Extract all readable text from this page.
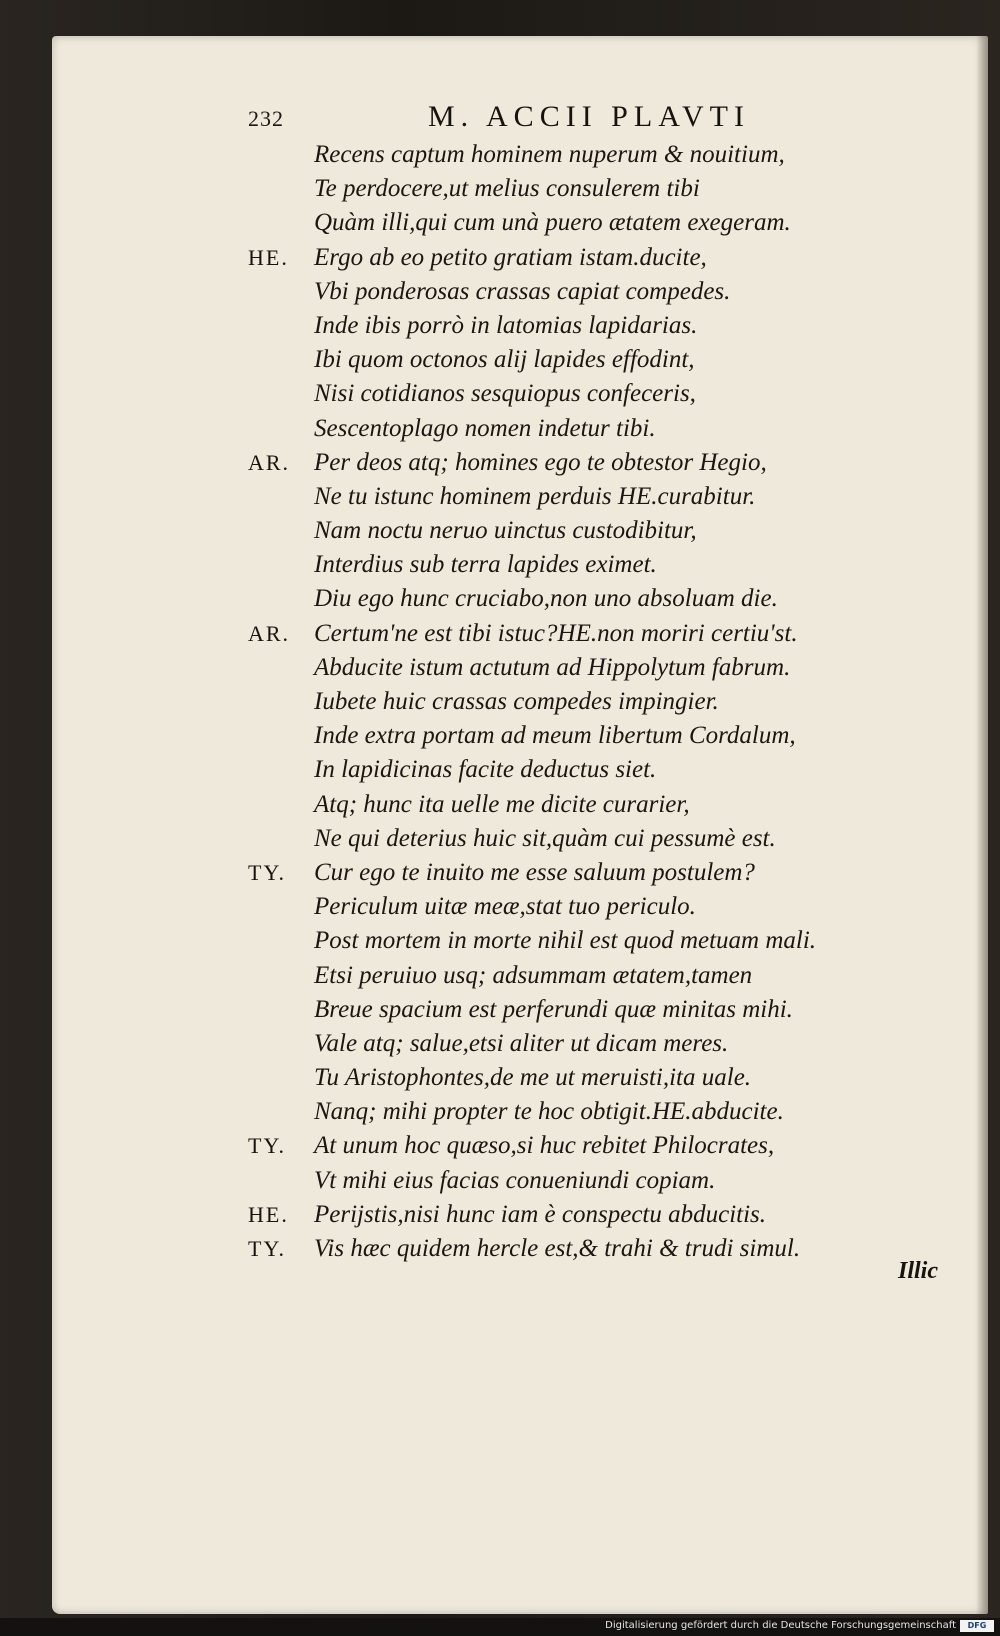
232	M. ACCII PLAVTI
Recens captum hominem nuperum & nouitium,
Te perdocere,ut melius consulerem tibi
Quàm illi,qui cum unà puero ætatem exegeram.
HE. Ergo ab eo petito gratiam istam.ducite,
Vbi ponderosas crassas capiat compedes.
Inde ibis porrò in latomias lapidarias.
Ibi quom octonos alij lapides effodint,
Nisi cotidianos sesquiopus confeceris,
Sescentoplago nomen indetur tibi.
AR. Per deos atq; homines ego te obtestor Hegio,
Ne tu istunc hominem perduis HE.curabitur.
Nam noctu neruo uinctus custodibitur,
Interdius sub terra lapides eximet.
Diu ego hunc cruciabo,non uno absoluam die.
AR. Certum'ne est tibi istuc?HE.non moriri certiu'st.
Abducite istum actutum ad Hippolytum fabrum.
Iubete huic crassas compedes impingier.
Inde extra portam ad meum libertum Cordalum,
In lapidicinas facite deductus siet.
Atq; hunc ita uelle me dicite curarier,
Ne qui deterius huic sit,quàm cui pessumè est.
TY. Cur ego te inuito me esse saluum postulem?
Periculum uitæ meæ,stat tuo periculo.
Post mortem in morte nihil est quod metuam mali.
Etsi peruiuo usq; adsummam ætatem,tamen
Breue spacium est perferundi quæ minitas mihi.
Vale atq; salue,etsi aliter ut dicam meres.
Tu Aristophontes,de me ut meruisti,ita uale.
Nanq; mihi propter te hoc obtigit.HE.abducite.
TY. At unum hoc quæso,si huc rebitet Philocrates,
Vt mihi eius facias conueniundi copiam.
HE. Perijstis,nisi hunc iam è conspectu abducitis.
TY. Vis hæc quidem hercle est,& trahi & trudi simul.
Illic
Digitalisierung gefördert durch die Deutsche Forschungsgemeinschaft	DFG
